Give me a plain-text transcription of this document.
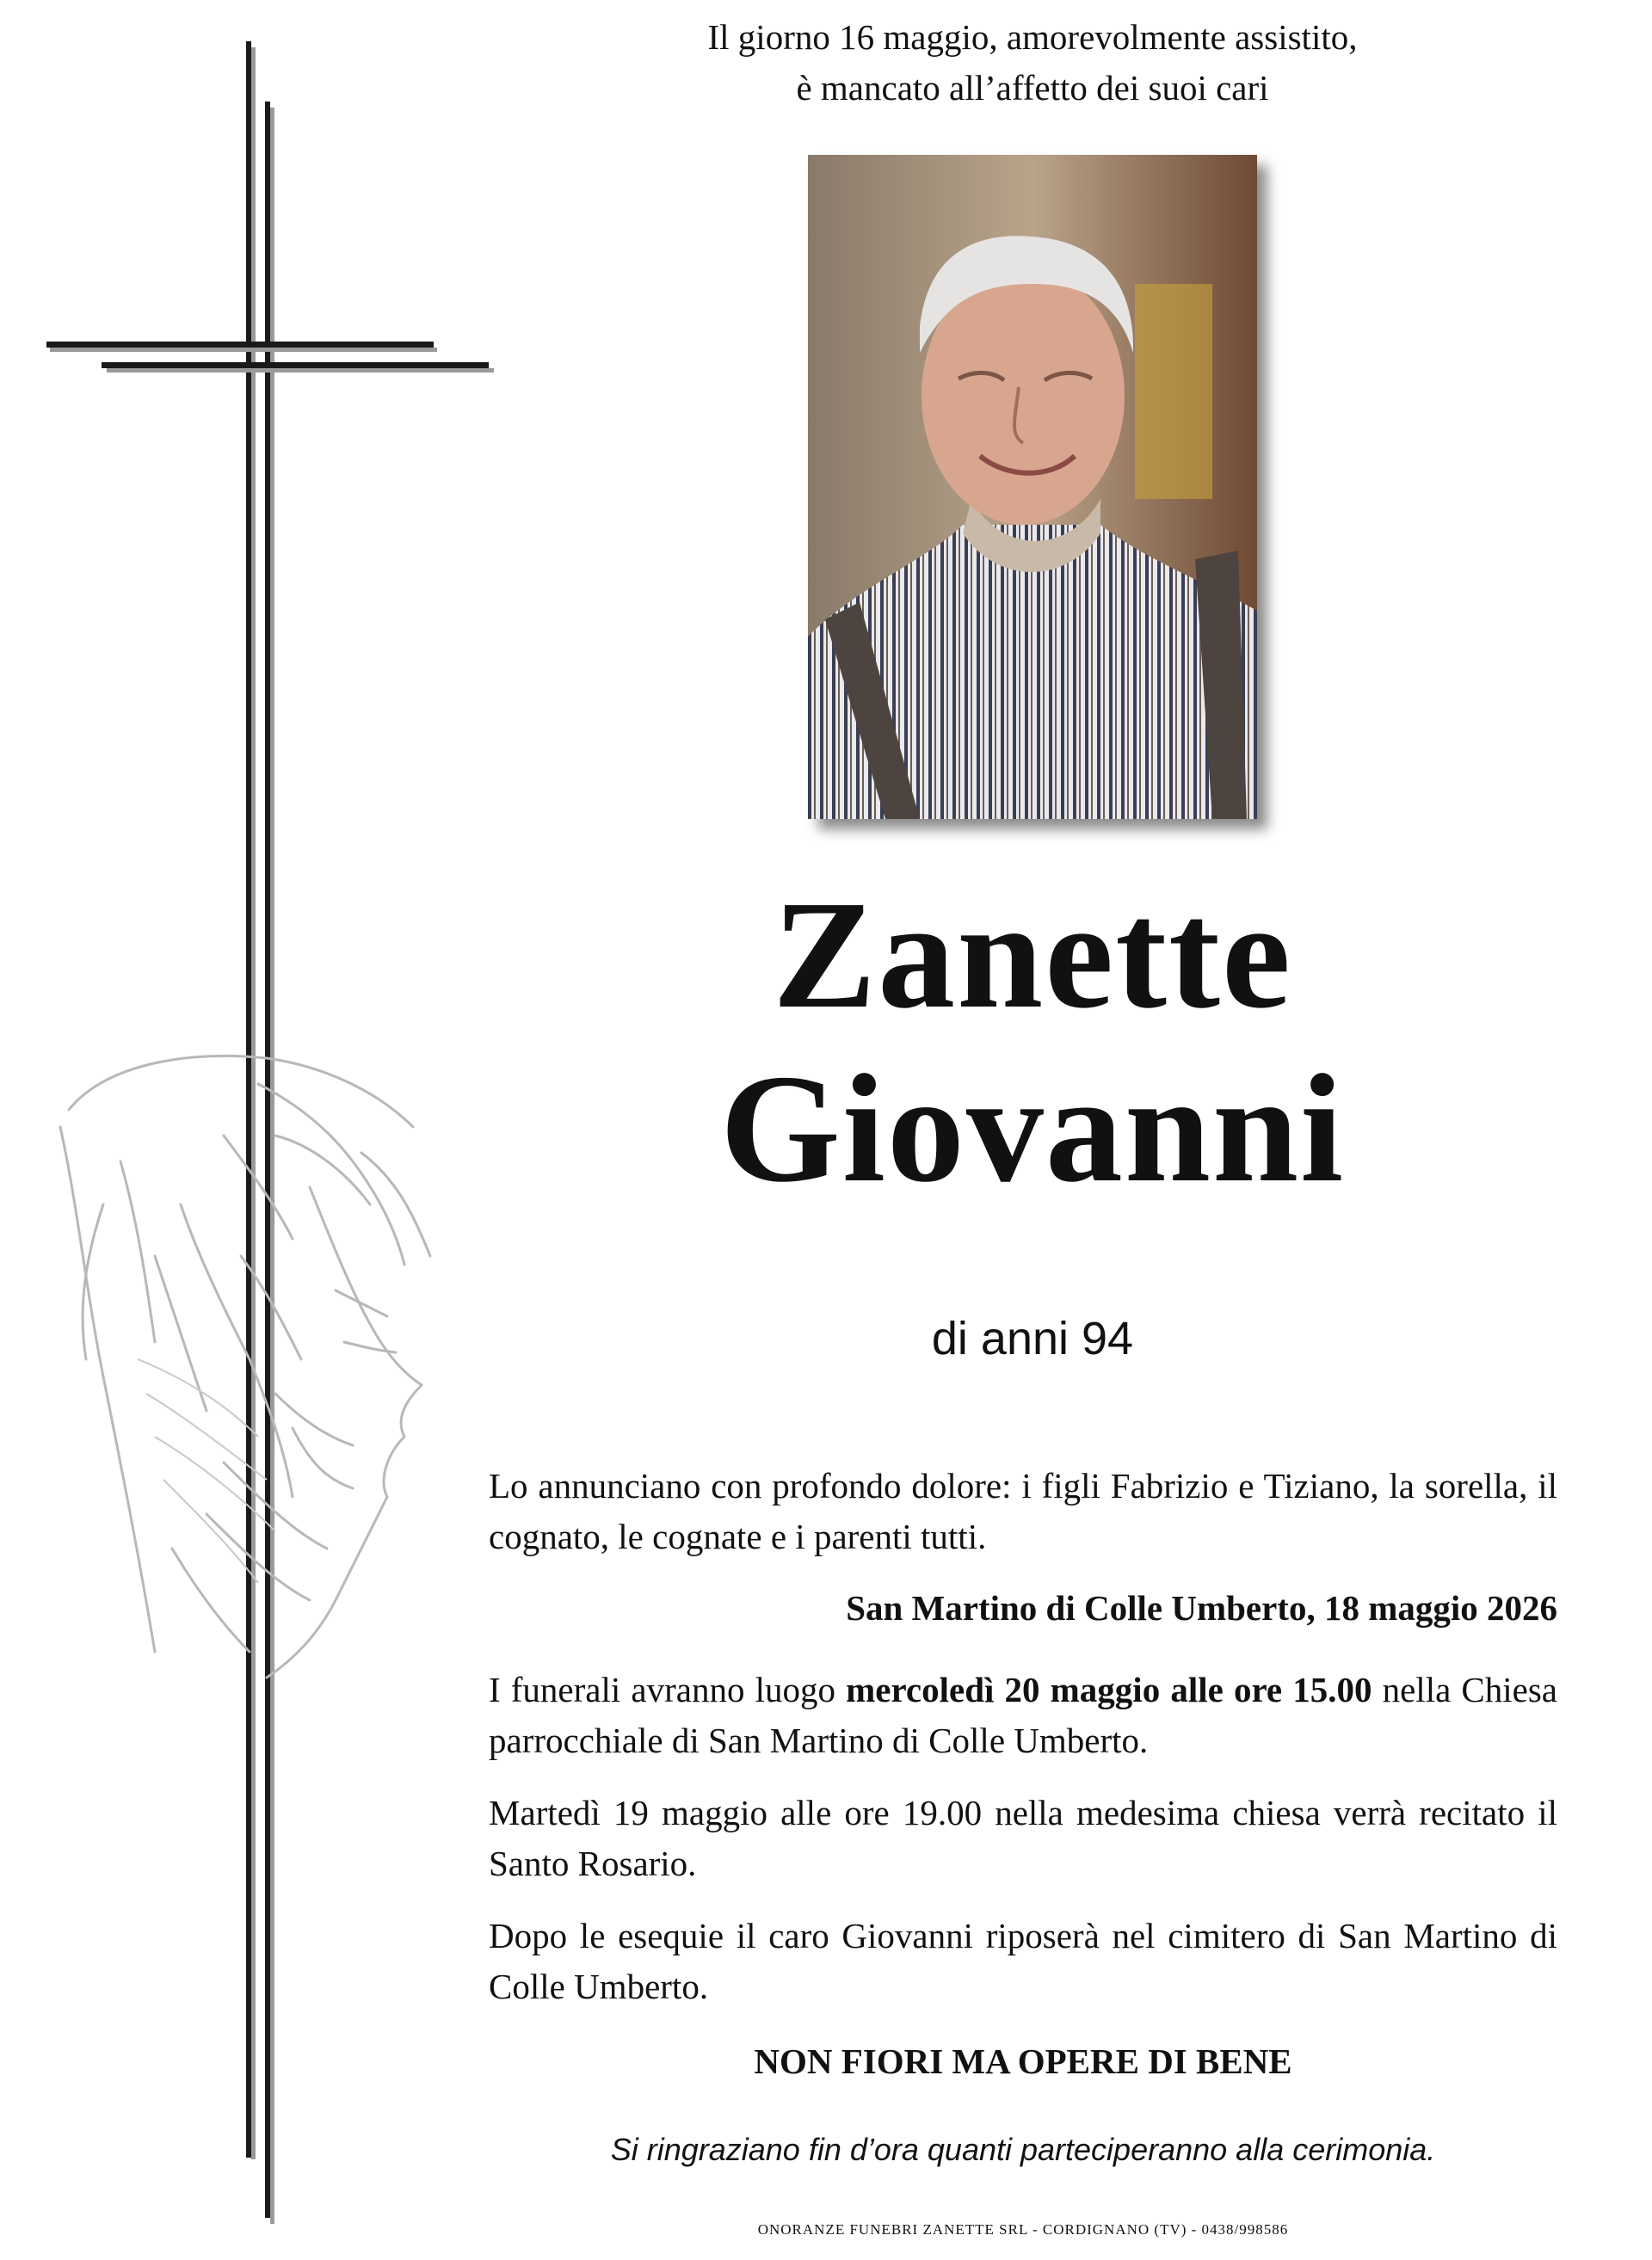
Il giorno 16 maggio, amorevolmente assistito,
è mancato all’affetto dei suoi cari
Zanette
Giovanni
di anni 94
Lo annunciano con profondo dolore: i figli Fabrizio e Tiziano, la sorella, il cognato, le cognate e i parenti tutti.
San Martino di Colle Umberto, 18 maggio 2026
I funerali avranno luogo mercoledì 20 maggio alle ore 15.00 nella Chiesa parrocchiale di San Martino di Colle Umberto.
Martedì 19 maggio alle ore 19.00 nella medesima chiesa verrà recitato il Santo Rosario.
Dopo le esequie il caro Giovanni riposerà nel cimitero di San Martino di Colle Umberto.
NON FIORI MA OPERE DI BENE
Si ringraziano fin d’ora quanti parteciperanno alla cerimonia.
ONORANZE FUNEBRI ZANETTE SRL - CORDIGNANO (TV) - 0438/998586
